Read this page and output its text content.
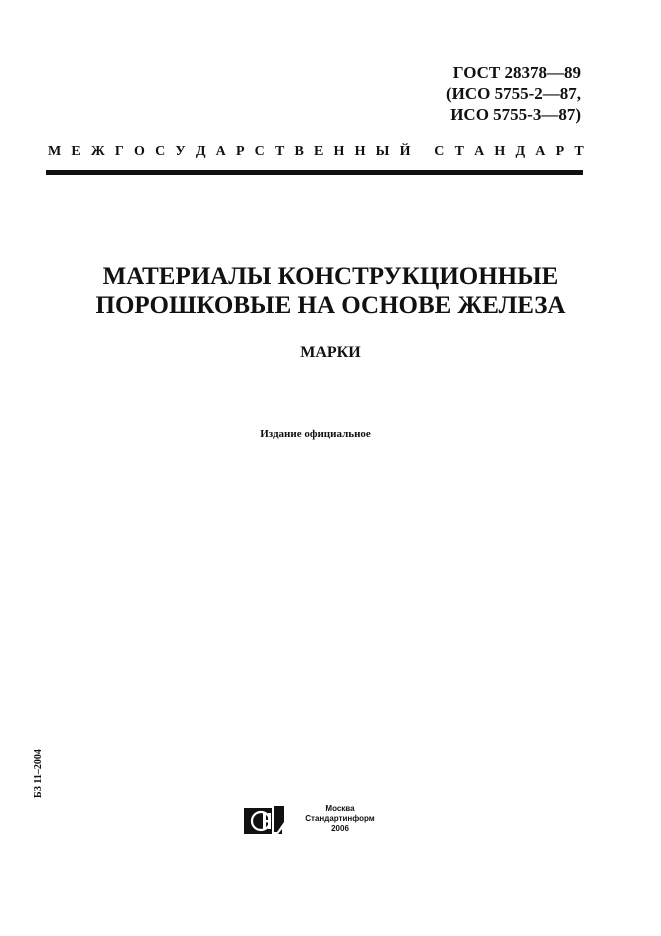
ГОСТ 28378—89
(ИСО 5755-2—87,
ИСО 5755-3—87)
М Е Ж Г О С У Д А Р С Т В Е Н Н Ы Й
С Т А Н Д А Р Т
МАТЕРИАЛЫ КОНСТРУКЦИОННЫЕ
ПОРОШКОВЫЕ НА ОСНОВЕ ЖЕЛЕЗА
МАРКИ
Издание официальное
БЗ 11–2004
Москва
Стандартинформ
2006
